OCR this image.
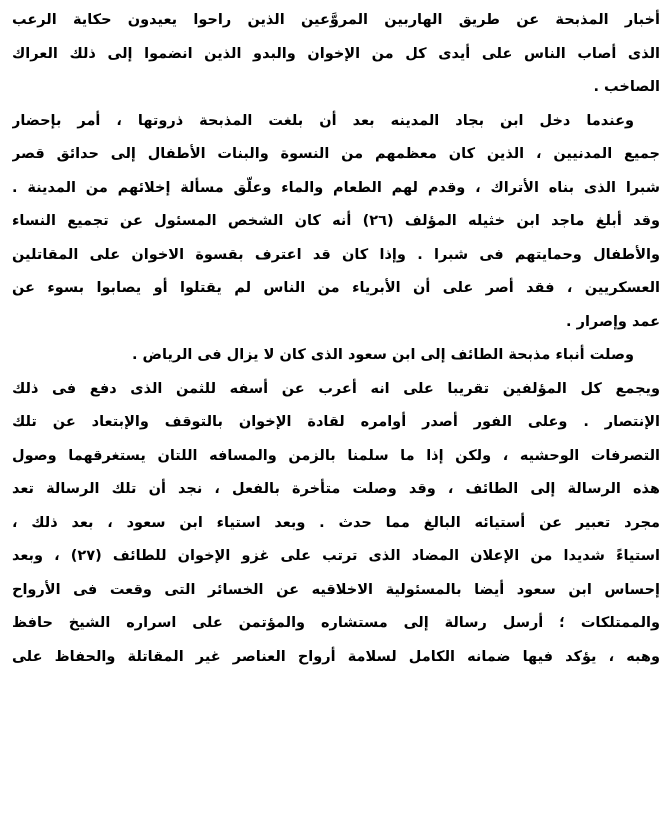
أخبار المذبحة عن طريق الهاربين المروَّعين الذين راحوا يعيدون حكاية الرعب
الذى أصاب الناس على أيدى كل من الإخوان والبدو الذين انضموا إلى ذلك العراك
الصاخب .
وعندما دخل ابن بجاد المدينه بعد أن بلغت المذبحة ذروتها ، أمر بإحضار
جميع المدنيين ، الذين كان معظمهم من النسوة والبنات الأطفال إلى حدائق قصر
شبرا الذى بناه الأتراك ، وقدم لهم الطعام والماء وعلّق مسألة إخلائهم من المدينة .
وقد أبلغ ماجد ابن خثيله المؤلف (٢٦) أنه كان الشخص المسئول عن تجميع النساء
والأطفال وحمايتهم فى شبرا . وإذا كان قد اعترف بقسوة الاخوان على المقاتلين
العسكريين ، فقد أصر على أن الأبرياء من الناس لم يقتلوا أو يصابوا بسوء عن
عمد وإصرار .
وصلت أنباء مذبحة الطائف إلى ابن سعود الذى كان لا يزال فى الرياض .
ويجمع كل المؤلفين تقريبا على انه أعرب عن أسفه للثمن الذى دفع فى ذلك
الإنتصار . وعلى الفور أصدر أوامره لقادة الإخوان بالتوقف والإبتعاد عن تلك
التصرفات الوحشيه ، ولكن إذا ما سلمنا بالزمن والمسافه اللتان يستغرقهما وصول
هذه الرسالة إلى الطائف ، وقد وصلت متأخرة بالفعل ، نجد أن تلك الرسالة تعد
مجرد تعبير عن أستيائه البالغ مما حدث . وبعد استياء ابن سعود ، بعد ذلك ،
استياءً شديدا من الإعلان المضاد الذى ترتب على غزو الإخوان للطائف (٢٧) ، وبعد
إحساس ابن سعود أيضا بالمسئولية الاخلاقيه عن الخسائر التى وقعت فى الأرواح
والممتلكات ؛ أرسل رسالة إلى مستشاره والمؤتمن على اسراره الشيخ حافظ
وهبه ، يؤكد فيها ضمانه الكامل لسلامة أرواح العناصر غير المقاتلة والحفاظ على
